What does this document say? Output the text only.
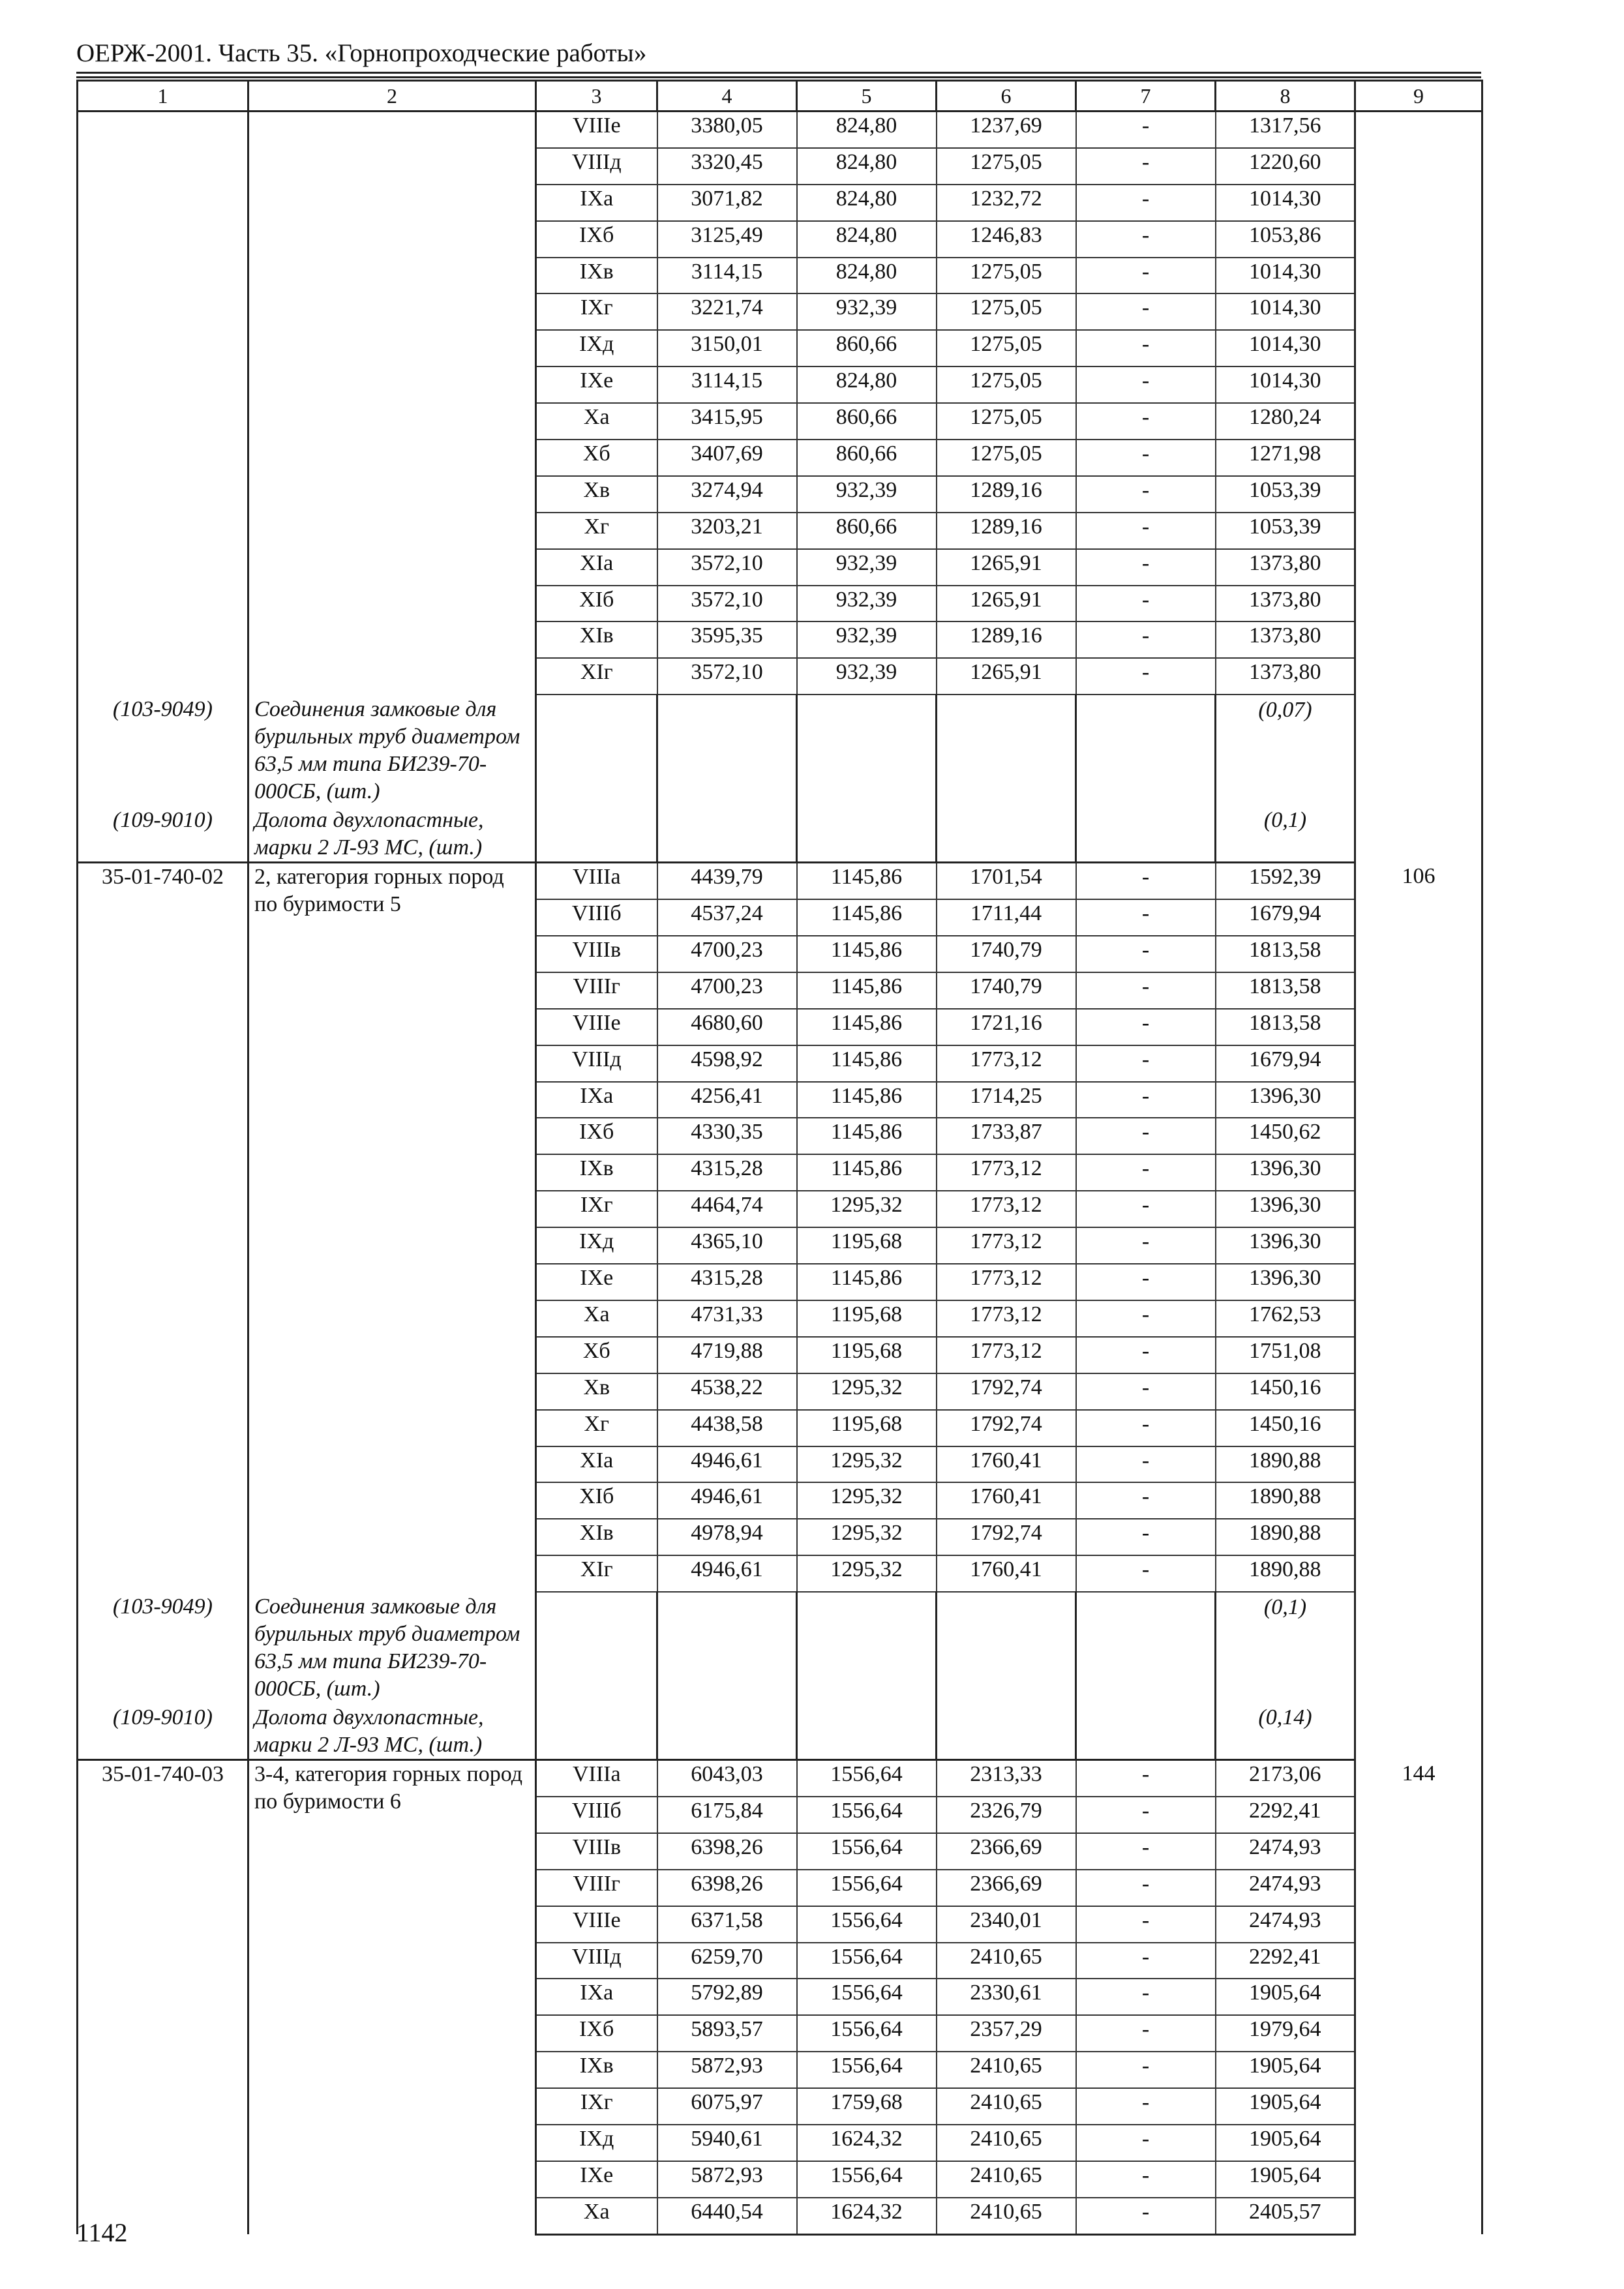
ОЕРЖ-2001. Часть 35. «Горнопроходческие работы»
1	2	3	4	5	6	7	8	9
		VIIIе	3380,05	824,80	1237,69	-	1317,56	
		VIIIд	3320,45	824,80	1275,05	-	1220,60	
		IXа	3071,82	824,80	1232,72	-	1014,30	
		IXб	3125,49	824,80	1246,83	-	1053,86	
		IXв	3114,15	824,80	1275,05	-	1014,30	
		IXг	3221,74	932,39	1275,05	-	1014,30	
		IXд	3150,01	860,66	1275,05	-	1014,30	
		IXе	3114,15	824,80	1275,05	-	1014,30	
		Xа	3415,95	860,66	1275,05	-	1280,24	
		Xб	3407,69	860,66	1275,05	-	1271,98	
		Xв	3274,94	932,39	1289,16	-	1053,39	
		Xг	3203,21	860,66	1289,16	-	1053,39	
		XIа	3572,10	932,39	1265,91	-	1373,80	
		XIб	3572,10	932,39	1265,91	-	1373,80	
		XIв	3595,35	932,39	1289,16	-	1373,80	
		XIг	3572,10	932,39	1265,91	-	1373,80	
(103-9049)	Соединения замковые для бурильных труб диаметром 63,5 мм типа БИ239-70-000СБ, (шт.)						(0,07)	
(109-9010)	Долота двухлопастные, марки 2 Л-93 МС, (шт.)						(0,1)	
35-01-740-02	2, категория горных пород по буримости 5	VIIIа	4439,79	1145,86	1701,54	-	1592,39	106
		VIIIб	4537,24	1145,86	1711,44	-	1679,94	
		VIIIв	4700,23	1145,86	1740,79	-	1813,58	
		VIIIг	4700,23	1145,86	1740,79	-	1813,58	
		VIIIе	4680,60	1145,86	1721,16	-	1813,58	
		VIIIд	4598,92	1145,86	1773,12	-	1679,94	
		IXа	4256,41	1145,86	1714,25	-	1396,30	
		IXб	4330,35	1145,86	1733,87	-	1450,62	
		IXв	4315,28	1145,86	1773,12	-	1396,30	
		IXг	4464,74	1295,32	1773,12	-	1396,30	
		IXд	4365,10	1195,68	1773,12	-	1396,30	
		IXе	4315,28	1145,86	1773,12	-	1396,30	
		Xа	4731,33	1195,68	1773,12	-	1762,53	
		Xб	4719,88	1195,68	1773,12	-	1751,08	
		Xв	4538,22	1295,32	1792,74	-	1450,16	
		Xг	4438,58	1195,68	1792,74	-	1450,16	
		XIа	4946,61	1295,32	1760,41	-	1890,88	
		XIб	4946,61	1295,32	1760,41	-	1890,88	
		XIв	4978,94	1295,32	1792,74	-	1890,88	
		XIг	4946,61	1295,32	1760,41	-	1890,88	
(103-9049)	Соединения замковые для бурильных труб диаметром 63,5 мм типа БИ239-70-000СБ, (шт.)						(0,1)	
(109-9010)	Долота двухлопастные, марки 2 Л-93 МС, (шт.)						(0,14)	
35-01-740-03	3-4, категория горных пород по буримости 6	VIIIа	6043,03	1556,64	2313,33	-	2173,06	144
		VIIIб	6175,84	1556,64	2326,79	-	2292,41	
		VIIIв	6398,26	1556,64	2366,69	-	2474,93	
		VIIIг	6398,26	1556,64	2366,69	-	2474,93	
		VIIIе	6371,58	1556,64	2340,01	-	2474,93	
		VIIIд	6259,70	1556,64	2410,65	-	2292,41	
		IXа	5792,89	1556,64	2330,61	-	1905,64	
		IXб	5893,57	1556,64	2357,29	-	1979,64	
		IXв	5872,93	1556,64	2410,65	-	1905,64	
		IXг	6075,97	1759,68	2410,65	-	1905,64	
		IXд	5940,61	1624,32	2410,65	-	1905,64	
		IXе	5872,93	1556,64	2410,65	-	1905,64	
		Xа	6440,54	1624,32	2410,65	-	2405,57	
1142
